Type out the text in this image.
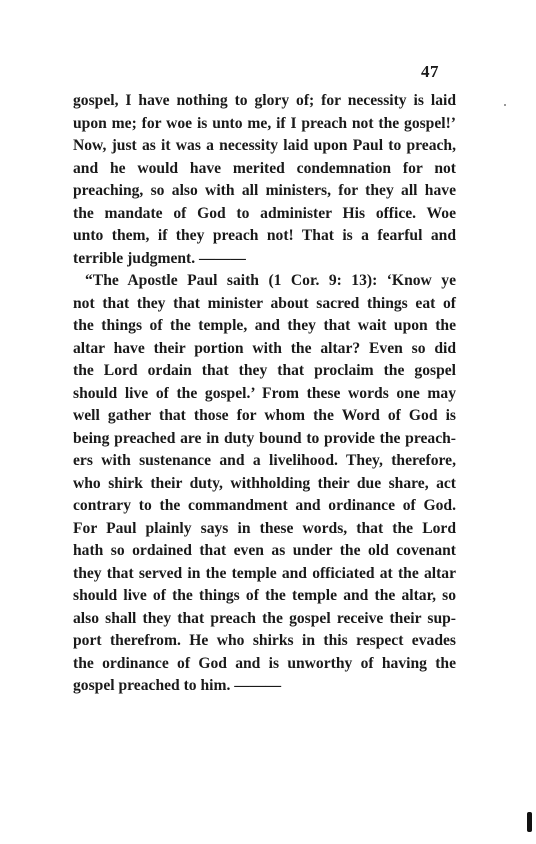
47
gospel, I have nothing to glory of; for necessity is laid
upon me; for woe is unto me, if I preach not the gospel!’
Now, just as it was a necessity laid upon Paul to preach,
and he would have merited condemnation for not
preaching, so also with all ministers, for they all have
the mandate of God to administer His office. Woe
unto them, if they preach not! That is a fearful and
terrible judgment. ———
“The Apostle Paul saith (1 Cor. 9: 13): ‘Know ye
not that they that minister about sacred things eat of
the things of the temple, and they that wait upon the
altar have their portion with the altar? Even so did
the Lord ordain that they that proclaim the gospel
should live of the gospel.’ From these words one may
well gather that those for whom the Word of God is
being preached are in duty bound to provide the preach-
ers with sustenance and a livelihood. They, therefore,
who shirk their duty, withholding their due share, act
contrary to the commandment and ordinance of God.
For Paul plainly says in these words, that the Lord
hath so ordained that even as under the old covenant
they that served in the temple and officiated at the altar
should live of the things of the temple and the altar, so
also shall they that preach the gospel receive their sup-
port therefrom. He who shirks in this respect evades
the ordinance of God and is unworthy of having the
gospel preached to him. ———
